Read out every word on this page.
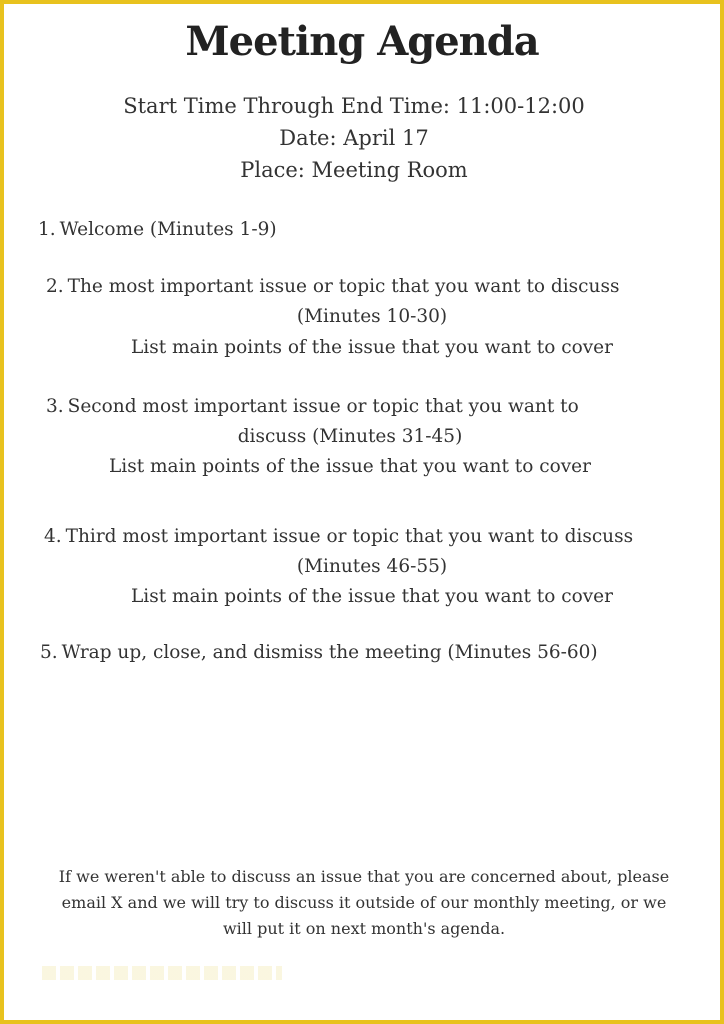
Meeting Agenda
Start Time Through End Time: 11:00-12:00
Date: April 17
Place: Meeting Room
1. Welcome (Minutes 1-9)
2. The most important issue or topic that you want to discuss
(Minutes 10-30)
List main points of the issue that you want to cover
3. Second most important issue or topic that you want to
discuss (Minutes 31-45)
List main points of the issue that you want to cover
4. Third most important issue or topic that you want to discuss
(Minutes 46-55)
List main points of the issue that you want to cover
5. Wrap up, close, and dismiss the meeting (Minutes 56-60)
If we weren't able to discuss an issue that you are concerned about, please
email X and we will try to discuss it outside of our monthly meeting, or we
will put it on next month's agenda.
